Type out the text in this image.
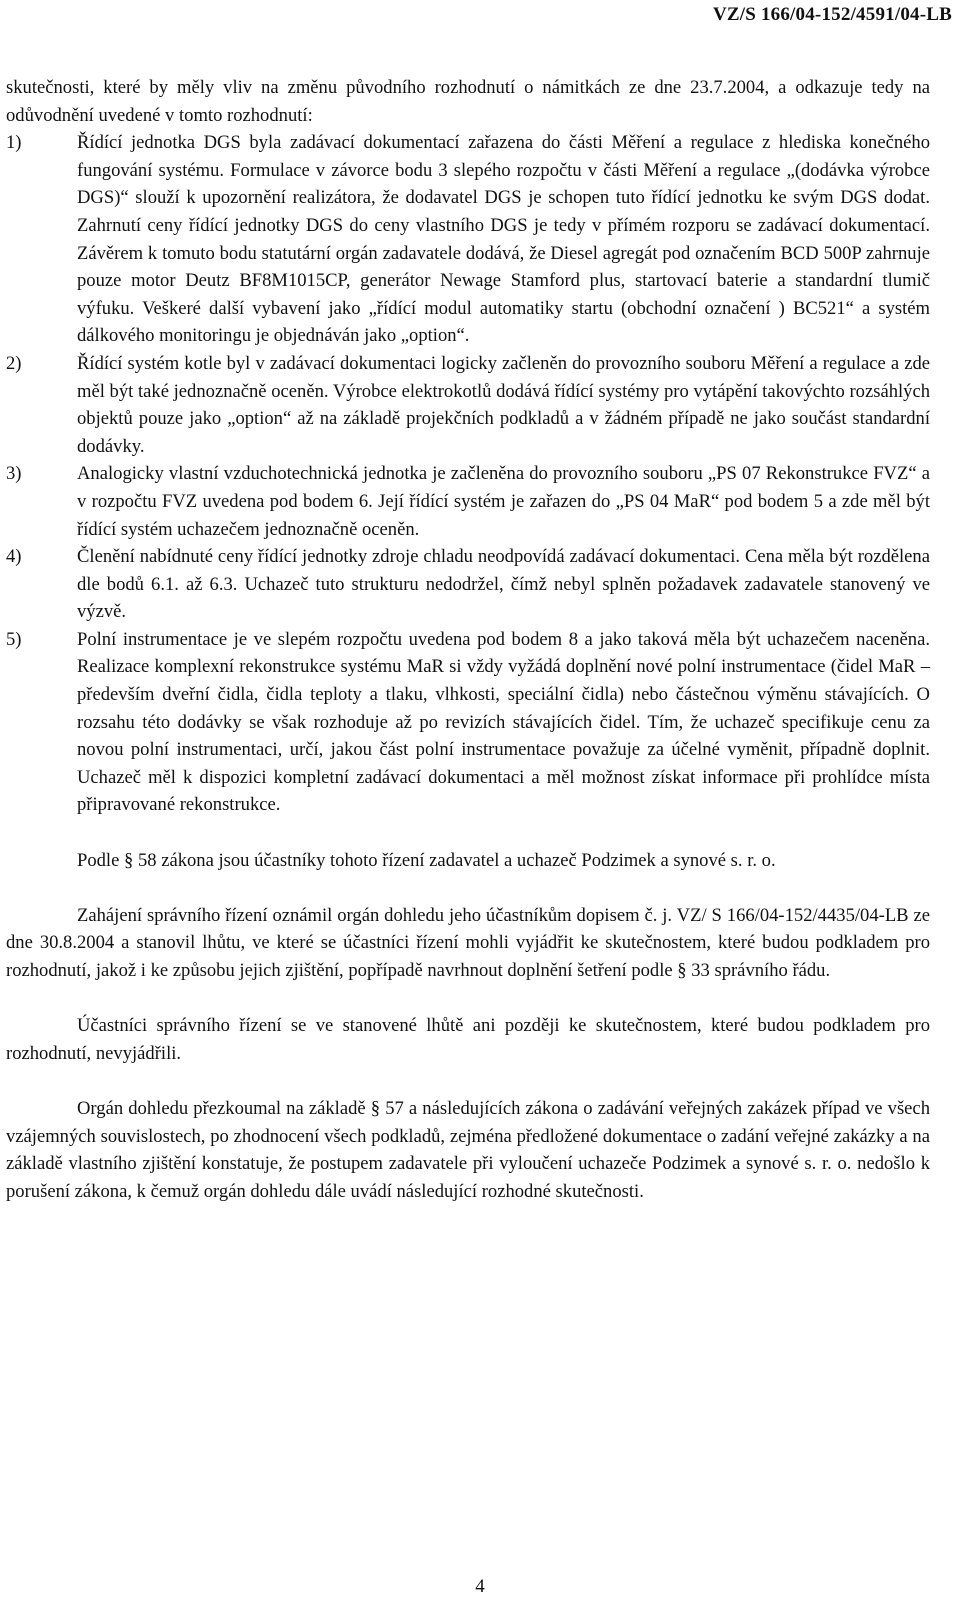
VZ/S 166/04-152/4591/04-LB

skutečnosti, které by měly vliv na změnu původního rozhodnutí o námitkách ze dne 23.7.2004, a odkazuje tedy na odůvodnění uvedené v tomto rozhodnutí:

1)	Řídící jednotka DGS byla zadávací dokumentací zařazena do části Měření a regulace z hlediska konečného fungování systému. Formulace v závorce bodu 3 slepého rozpočtu v části Měření a regulace „(dodávka výrobce DGS)“ slouží k upozornění realizátora, že dodavatel DGS je schopen tuto řídící jednotku ke svým DGS dodat. Zahrnutí ceny řídící jednotky DGS do ceny vlastního DGS je tedy v přímém rozporu se zadávací dokumentací. Závěrem k tomuto bodu statutární orgán zadavatele dodává, že Diesel agregát pod označením BCD 500P zahrnuje pouze motor Deutz BF8M1015CP, generátor Newage Stamford plus, startovací baterie a standardní tlumič výfuku. Veškeré další vybavení jako „řídící modul automatiky startu (obchodní označení ) BC521“ a systém dálkového monitoringu je objednáván jako „option“.
2)	Řídící systém kotle byl v zadávací dokumentaci logicky začleněn do provozního souboru Měření a regulace a zde měl být také jednoznačně oceněn. Výrobce elektrokotlů dodává řídící systémy pro vytápění takovýchto rozsáhlých objektů pouze jako „option“ až na základě projekčních podkladů a v žádném případě ne jako součást standardní dodávky.
3)	Analogicky vlastní vzduchotechnická jednotka je začleněna do provozního souboru „PS 07 Rekonstrukce FVZ“ a v rozpočtu FVZ uvedena pod bodem 6. Její řídící systém je zařazen do „PS 04 MaR“ pod bodem 5 a zde měl být řídící systém uchazečem jednoznačně oceněn.
4)	Členění nabídnuté ceny řídící jednotky zdroje chladu neodpovídá zadávací dokumentaci. Cena měla být rozdělena dle bodů 6.1. až 6.3. Uchazeč tuto strukturu nedodržel, čímž nebyl splněn požadavek zadavatele stanovený ve výzvě.
5)	Polní instrumentace je ve slepém rozpočtu uvedena pod bodem 8 a jako taková měla být uchazečem naceněna. Realizace komplexní rekonstrukce systému MaR si vždy vyžádá doplnění nové polní instrumentace (čidel MaR – především dveřní čidla, čidla teploty a tlaku, vlhkosti, speciální čidla) nebo částečnou výměnu stávajících. O rozsahu této dodávky se však rozhoduje až po revizích stávajících čidel. Tím, že uchazeč specifikuje cenu za novou polní instrumentaci, určí, jakou část polní instrumentace považuje za účelné vyměnit, případně doplnit. Uchazeč měl k dispozici kompletní zadávací dokumentaci a měl možnost získat informace při prohlídce místa připravované rekonstrukce.

Podle § 58 zákona jsou účastníky tohoto řízení zadavatel a uchazeč Podzimek a synové s. r. o.

Zahájení správního řízení oznámil orgán dohledu jeho účastníkům dopisem č. j. VZ/ S 166/04-152/4435/04-LB ze dne 30.8.2004 a stanovil lhůtu, ve které se účastníci řízení mohli vyjádřit ke skutečnostem, které budou podkladem pro rozhodnutí, jakož i ke způsobu jejich zjištění, popřípadě navrhnout doplnění šetření podle § 33 správního řádu.

Účastníci správního řízení se ve stanovené lhůtě ani později ke skutečnostem, které budou podkladem pro rozhodnutí, nevyjádřili.

Orgán dohledu přezkoumal na základě § 57 a následujících zákona o zadávání veřejných zakázek případ ve všech vzájemných souvislostech, po zhodnocení všech podkladů, zejména předložené dokumentace o zadání veřejné zakázky a na základě vlastního zjištění konstatuje, že postupem zadavatele při vyloučení uchazeče Podzimek a synové s. r. o. nedošlo k porušení zákona, k čemuž orgán dohledu dále uvádí následující rozhodné skutečnosti.

4
